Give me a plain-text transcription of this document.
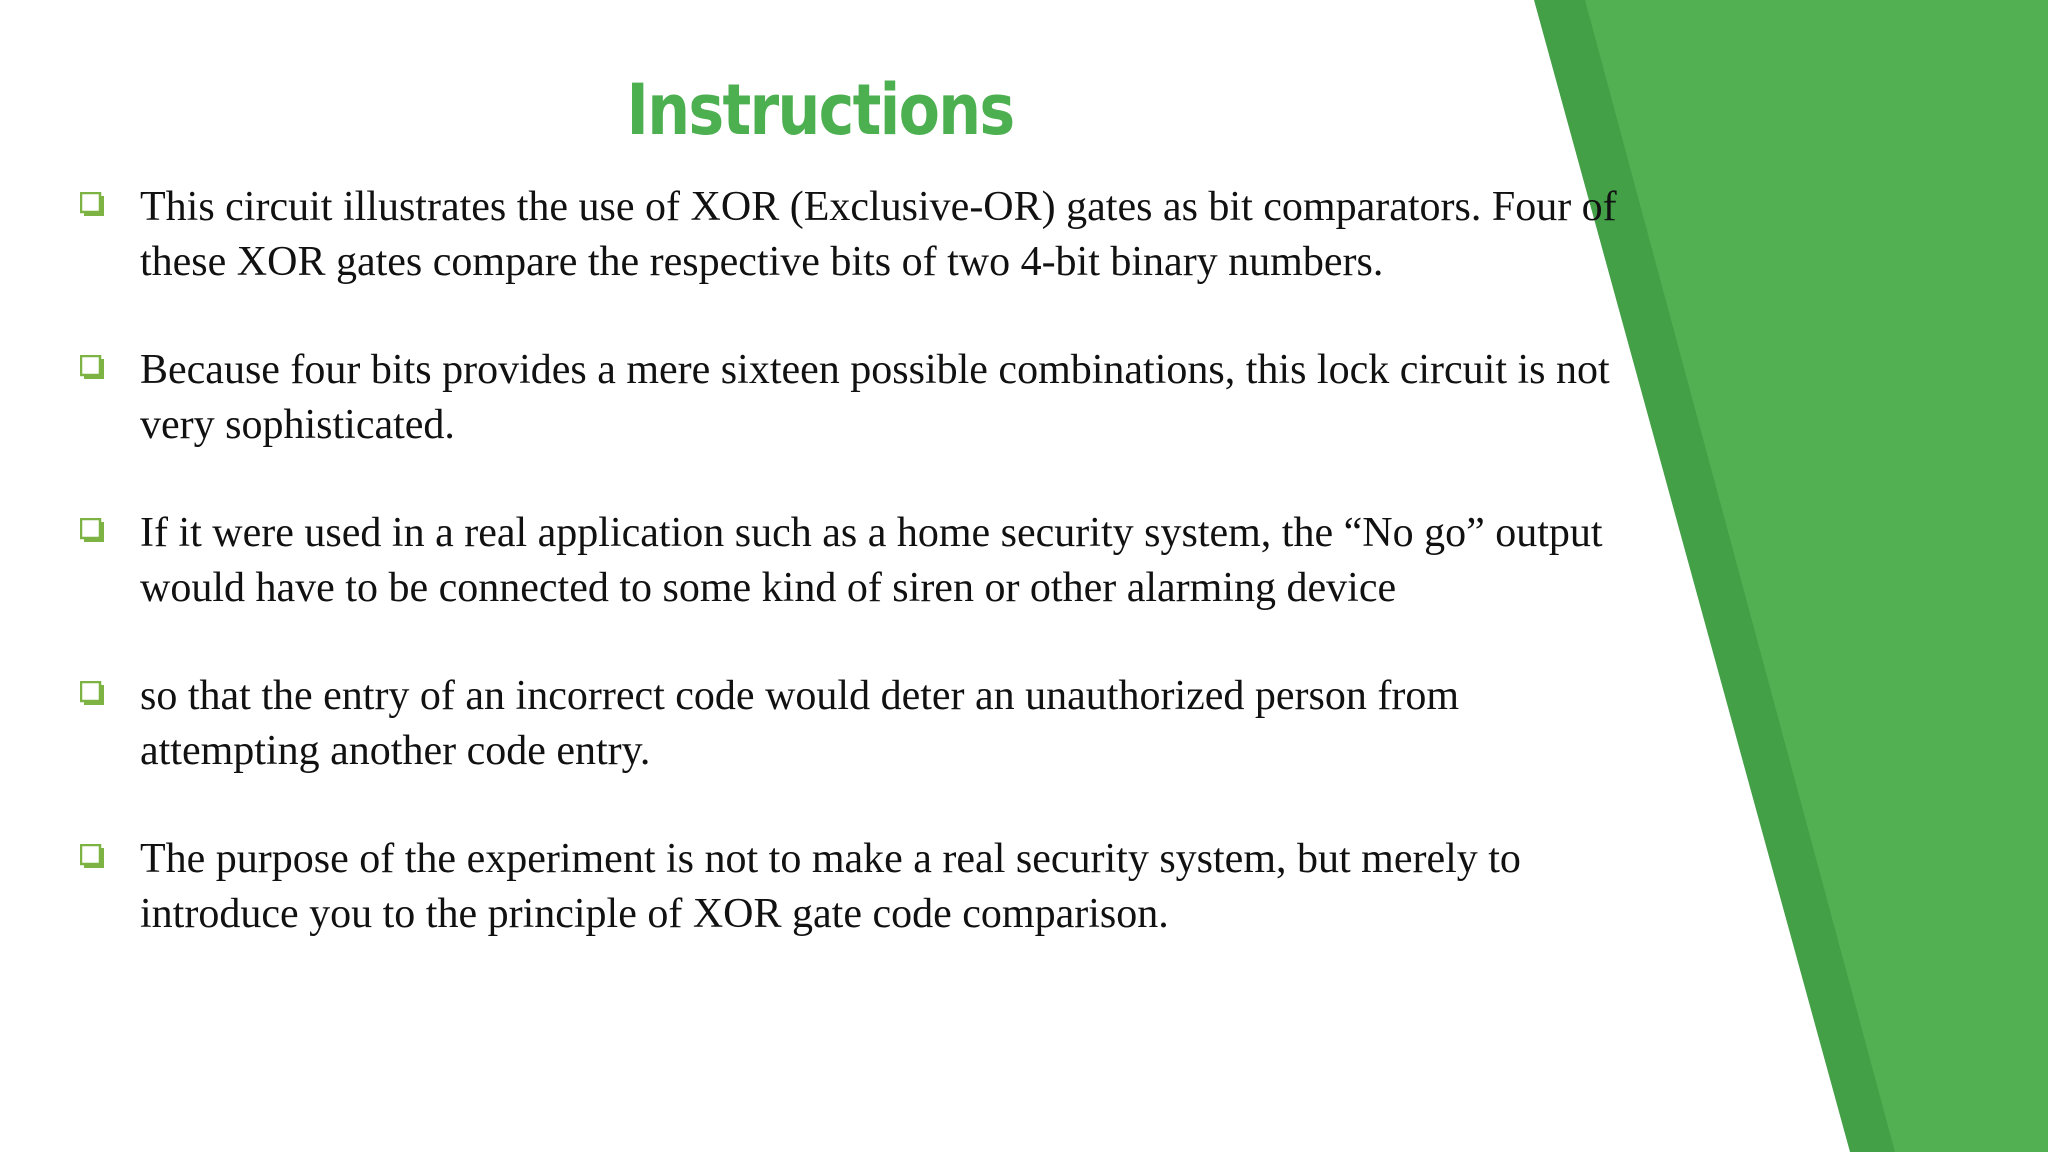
Instructions
This circuit illustrates the use of XOR (Exclusive-OR) gates as bit comparators. Four of these XOR gates compare the respective bits of two 4-bit binary numbers.
Because four bits provides a mere sixteen possible combinations, this lock circuit is not very sophisticated.
If it were used in a real application such as a home security system, the “No go” output would have to be connected to some kind of siren or other alarming device
so that the entry of an incorrect code would deter an unauthorized person from attempting another code entry.
The purpose of the experiment is not to make a real security system, but merely to introduce you to the principle of XOR gate code comparison.
